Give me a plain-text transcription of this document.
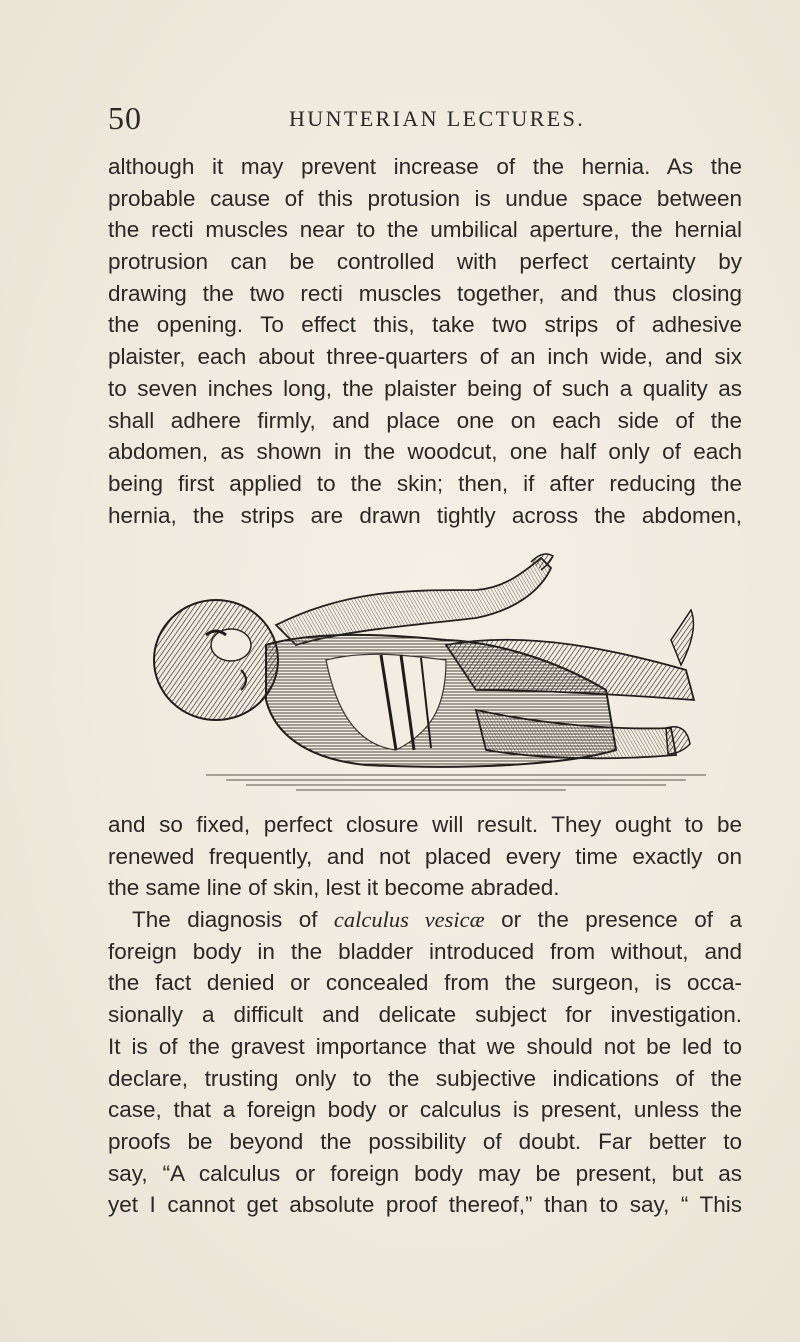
50	HUNTERIAN LECTURES.
although it may prevent increase of the hernia. As the
probable cause of this protusion is undue space between
the recti muscles near to the umbilical aperture, the hernial
protrusion can be controlled with perfect certainty by
drawing the two recti muscles together, and thus closing
the opening. To effect this, take two strips of adhesive
plaister, each about three-quarters of an inch wide, and six
to seven inches long, the plaister being of such a quality as
shall adhere firmly, and place one on each side of the
abdomen, as shown in the woodcut, one half only of each
being first applied to the skin; then, if after reducing the
hernia, the strips are drawn tightly across the abdomen,
and so fixed, perfect closure will result. They ought to be
renewed frequently, and not placed every time exactly on
the same line of skin, lest it become abraded.
The diagnosis of calculus vesicæ or the presence of a
foreign body in the bladder introduced from without, and
the fact denied or concealed from the surgeon, is occa-
sionally a difficult and delicate subject for investigation.
It is of the gravest importance that we should not be led to
declare, trusting only to the subjective indications of the
case, that a foreign body or calculus is present, unless the
proofs be beyond the possibility of doubt. Far better to
say, “A calculus or foreign body may be present, but as
yet I cannot get absolute proof thereof,” than to say, “ This
